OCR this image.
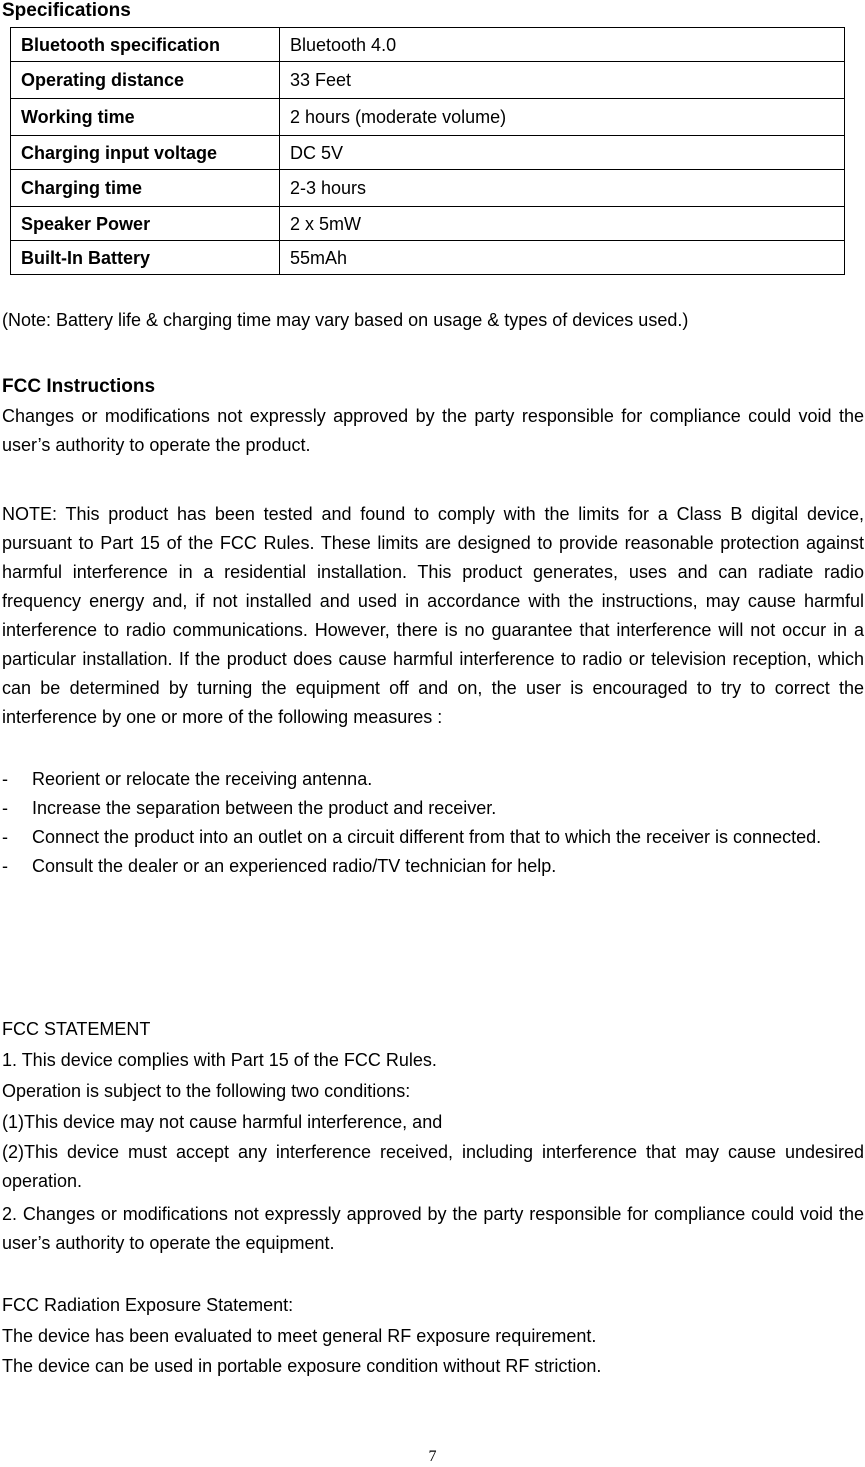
Specifications
Bluetooth specification	Bluetooth 4.0
Operating distance	33 Feet
Working time	2 hours (moderate volume)
Charging input voltage	DC 5V
Charging time	2-3 hours
Speaker Power	2 x 5mW
Built-In Battery	55mAh
(Note: Battery life & charging time may vary based on usage & types of devices used.)
FCC Instructions
Changes or modifications not expressly approved by the party responsible for compliance could void the user’s authority to operate the product.
NOTE: This product has been tested and found to comply with the limits for a Class B digital device, pursuant to Part 15 of the FCC Rules. These limits are designed to provide reasonable protection against harmful interference in a residential installation. This product generates, uses and can radiate radio frequency energy and, if not installed and used in accordance with the instructions, may cause harmful interference to radio communications. However, there is no guarantee that interference will not occur in a particular installation. If the product does cause harmful interference to radio or television reception, which can be determined by turning the equipment off and on, the user is encouraged to try to correct the interference by one or more of the following measures :
-	Reorient or relocate the receiving antenna.
-	Increase the separation between the product and receiver.
- Connect the product into an outlet on a circuit different from that to which the receiver is connected.
-	Consult the dealer or an experienced radio/TV technician for help.
FCC STATEMENT
1. This device complies with Part 15 of the FCC Rules.
Operation is subject to the following two conditions:
(1)This device may not cause harmful interference, and
(2)This device must accept any interference received, including interference that may cause undesired operation.
2. Changes or modifications not expressly approved by the party responsible for compliance could void the user’s authority to operate the equipment.
FCC Radiation Exposure Statement:
The device has been evaluated to meet general RF exposure requirement.
The device can be used in portable exposure condition without RF striction.
7
